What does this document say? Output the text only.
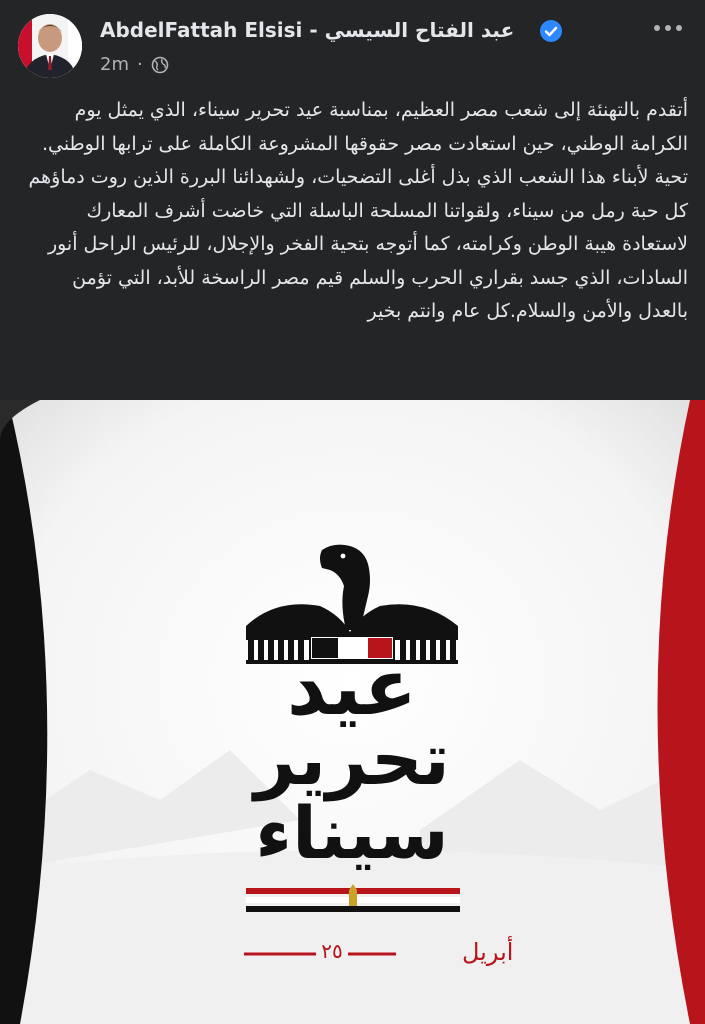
AbdelFattah Elsisi - عبد الفتاح السيسي
2m ·

أتقدم بالتهنئة إلى شعب مصر العظيم، بمناسبة عيد تحرير سيناء، الذي يمثل يوم الكرامة الوطني، حين استعادت مصر حقوقها المشروعة الكاملة على ترابها الوطني.

تحية لأبناء هذا الشعب الذي بذل أغلى التضحيات، ولشهدائنا البررة الذين روت دماؤهم كل حبة رمل من سيناء، ولقواتنا المسلحة الباسلة التي خاضت أشرف المعارك لاستعادة هيبة الوطن وكرامته، كما أتوجه بتحية الفخر والإجلال، للرئيس الراحل أنور السادات، الذي جسد بقراري الحرب والسلم قيم مصر الراسخة للأبد، التي تؤمن بالعدل والأمن والسلام.كل عام وانتم بخير

عيد
تحرير
سيناء
أبريل
٢٥
